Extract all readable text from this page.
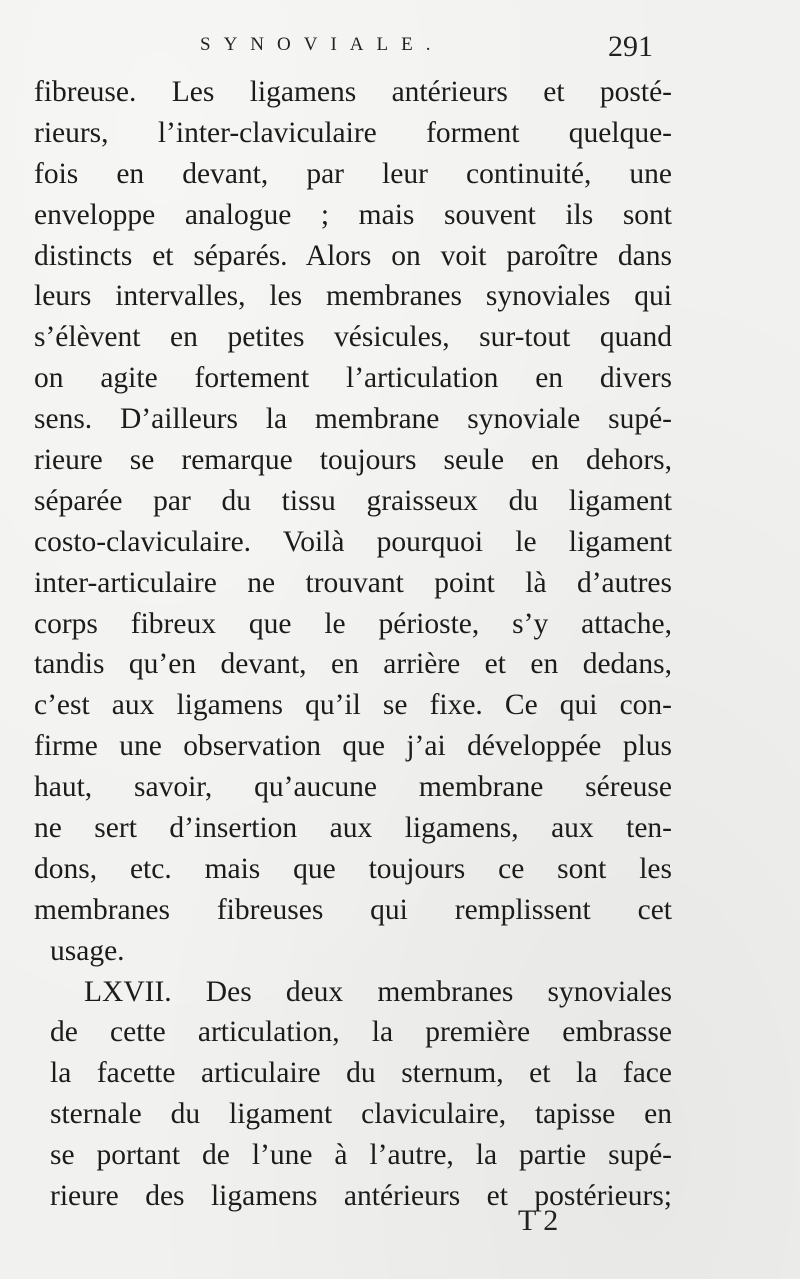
SYNOVIALE.	291
fibreuse. Les ligamens antérieurs et posté-
rieurs, l’inter-claviculaire forment quelque-
fois en devant, par leur continuité, une
enveloppe analogue ; mais souvent ils sont
distincts et séparés. Alors on voit paroître dans
leurs intervalles, les membranes synoviales qui
s’élèvent en petites vésicules, sur-tout quand
on agite fortement l’articulation en divers
sens. D’ailleurs la membrane synoviale supé-
rieure se remarque toujours seule en dehors,
séparée par du tissu graisseux du ligament
costo-claviculaire. Voilà pourquoi le ligament
inter-articulaire ne trouvant point là d’autres
corps fibreux que le périoste, s’y attache,
tandis qu’en devant, en arrière et en dedans,
c’est aux ligamens qu’il se fixe. Ce qui con-
firme une observation que j’ai développée plus
haut, savoir, qu’aucune membrane séreuse
ne sert d’insertion aux ligamens, aux ten-
dons, etc. mais que toujours ce sont les
membranes fibreuses qui remplissent cet
usage.
LXVII. Des deux membranes synoviales
de cette articulation, la première embrasse
la facette articulaire du sternum, et la face
sternale du ligament claviculaire, tapisse en
se portant de l’une à l’autre, la partie supé-
rieure des ligamens antérieurs et postérieurs;
T 2
